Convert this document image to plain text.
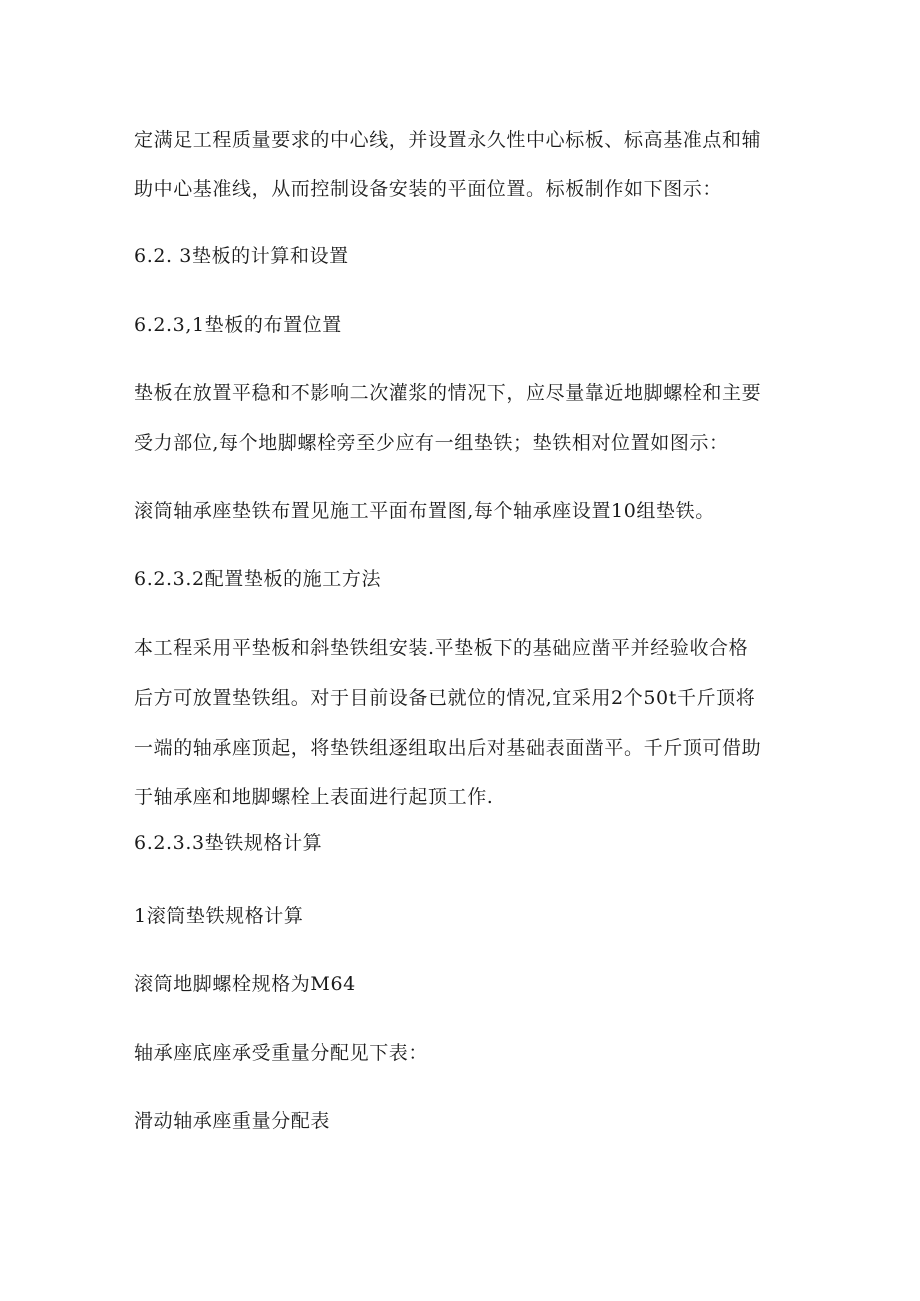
定满足工程质量要求的中心线，并设置永久性中心标板、标高基准点和辅
助中心基准线，从而控制设备安装的平面位置。标板制作如下图示：
6.2. 3垫板的计算和设置
6.2.3,1垫板的布置位置
垫板在放置平稳和不影响二次灌浆的情况下，应尽量靠近地脚螺栓和主要
受力部位,每个地脚螺栓旁至少应有一组垫铁；垫铁相对位置如图示：
滚筒轴承座垫铁布置见施工平面布置图,每个轴承座设置10组垫铁。
6.2.3.2配置垫板的施工方法
本工程采用平垫板和斜垫铁组安装.平垫板下的基础应凿平并经验收合格
后方可放置垫铁组。对于目前设备已就位的情况,宜采用2个50t千斤顶将
一端的轴承座顶起，将垫铁组逐组取出后对基础表面凿平。千斤顶可借助
于轴承座和地脚螺栓上表面进行起顶工作.
6.2.3.3垫铁规格计算
1滚筒垫铁规格计算
滚筒地脚螺栓规格为M64
轴承座底座承受重量分配见下表：
滑动轴承座重量分配表
